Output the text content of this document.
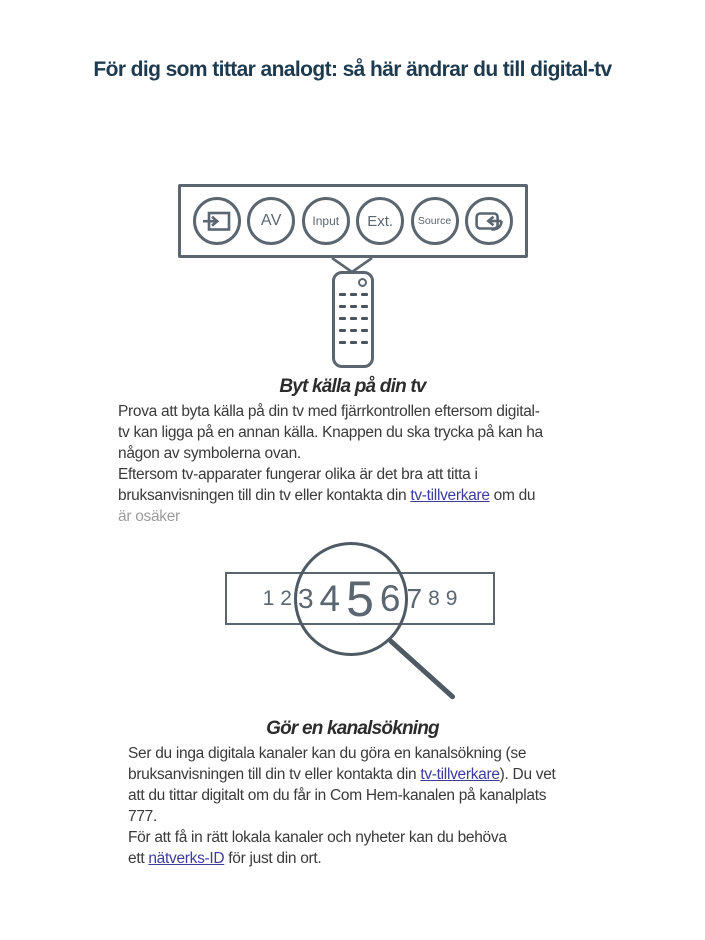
För dig som tittar analogt: så här ändrar du till digital-tv
AV	Input Ext. Source
Byt källa på din tv
Prova att byta källa på din tv med fjärrkontrollen eftersom digital-
tv kan ligga på en annan källa. Knappen du ska trycka på kan ha
någon av symbolerna ovan.
Eftersom tv-apparater fungerar olika är det bra att titta i
bruksanvisningen till din tv eller kontakta din tv-tillverkare om du
är osäker
1 2 3 4 5 6 7 8 9
Gör en kanalsökning
Ser du inga digitala kanaler kan du göra en kanalsökning (se
bruksanvisningen till din tv eller kontakta din tv-tillverkare). Du vet
att du tittar digitalt om du får in Com Hem-kanalen på kanalplats
777.
För att få in rätt lokala kanaler och nyheter kan du behöva
ett nätverks-ID för just din ort.
